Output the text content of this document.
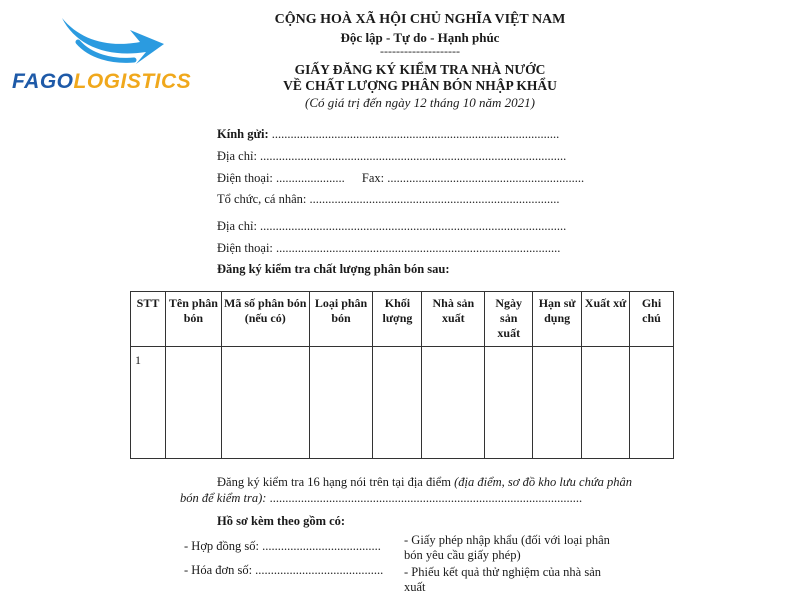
FAGOLOGISTICS
CỘNG HOÀ XÃ HỘI CHỦ NGHĨA VIỆT NAM
Độc lập - Tự do - Hạnh phúc
--------------------
GIẤY ĐĂNG KÝ KIỂM TRA NHÀ NƯỚC
VỀ CHẤT LƯỢNG PHÂN BÓN NHẬP KHẨU
(Có giá trị đến ngày 12 tháng 10 năm 2021)
Kính gửi: ............................................................................................
Địa chỉ: ..................................................................................................
Điện thoại: ...................... Fax: ...............................................................
Tổ chức, cá nhân: ................................................................................
Địa chỉ: ..................................................................................................
Điện thoại: ...........................................................................................
Đăng ký kiểm tra chất lượng phân bón sau:
STT	Tên phân bón	Mã số phân bón (nếu có)	Loại phân bón	Khối lượng	Nhà sản xuất	Ngày sản xuất	Hạn sử dụng	Xuất xứ	Ghi chú
1									
Đăng ký kiểm tra 16 hạng nói trên tại địa điểm (địa điểm, sơ đồ kho lưu chứa phân
bón để kiểm tra): ....................................................................................................
Hồ sơ kèm theo gồm có:
- Hợp đồng số: ......................................
- Hóa đơn số: .........................................
- Giấy phép nhập khẩu (đối với loại phân bón yêu cầu giấy phép)
- Phiếu kết quả thử nghiệm của nhà sản xuất
